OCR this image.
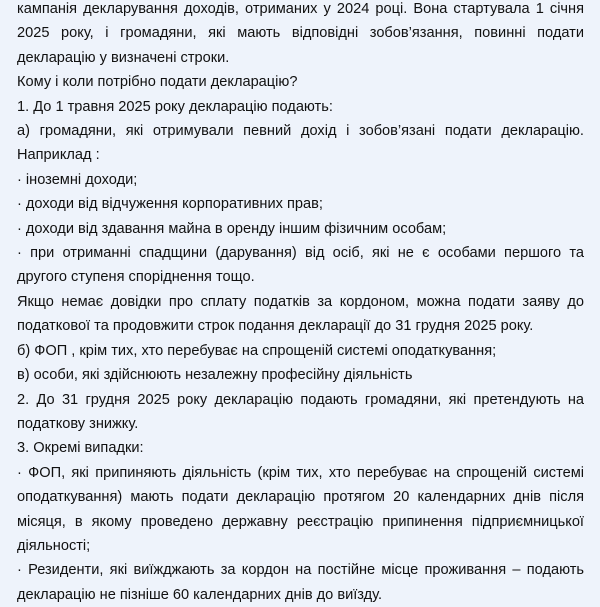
кампанія декларування доходів, отриманих у 2024 році. Вона стартувала 1 січня 2025 року, і громадяни, які мають відповідні зобов’язання, повинні подати декларацію у визначені строки.

Кому і коли потрібно подати декларацію?

1. До 1 травня 2025 року декларацію подають:

а) громадяни, які отримували певний дохід і зобов’язані подати декларацію. Наприклад :

· іноземні доходи;

· доходи від відчуження корпоративних прав;

· доходи від здавання майна в оренду іншим фізичним особам;

· при отриманні спадщини (дарування) від осіб, які не є особами першого та другого ступеня споріднення тощо.

Якщо немає довідки про сплату податків за кордоном, можна подати заяву до податкової та продовжити строк подання декларації до 31 грудня 2025 року.

б) ФОП , крім тих, хто перебуває на спрощеній системі оподаткування;

в) особи, які здійснюють незалежну професійну діяльність

2. До 31 грудня 2025 року декларацію подають громадяни, які претендують на податкову знижку.

3. Окремі випадки:

· ФОП, які припиняють діяльність (крім тих, хто перебуває на спрощеній системі оподаткування) мають подати декларацію протягом 20 календарних днів після місяця, в якому проведено державну реєстрацію припинення підприємницької діяльності;

· Резиденти, які виїжджають за кордон на постійне місце проживання – подають декларацію не пізніше 60 календарних днів до виїзду.
